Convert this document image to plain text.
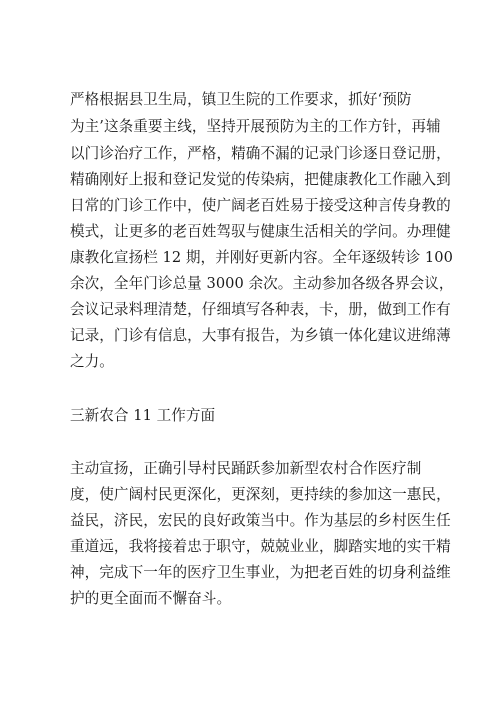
严格根据县卫生局，镇卫生院的工作要求，抓好‘预防
为主’这条重要主线，坚持开展预防为主的工作方针，再辅
以门诊治疗工作，严格，精确不漏的记录门诊逐日登记册，
精确刚好上报和登记发觉的传染病，把健康教化工作融入到
日常的门诊工作中，使广阔老百姓易于接受这种言传身教的
模式，让更多的老百姓驾驭与健康生活相关的学问。办理健
康教化宣扬栏 12 期，并刚好更新内容。全年逐级转诊 100
余次，全年门诊总量 3000 余次。主动参加各级各界会议，
会议记录料理清楚，仔细填写各种表，卡，册，做到工作有
记录，门诊有信息，大事有报告，为乡镇一体化建议进绵薄
之力。
三新农合 11 工作方面
主动宣扬，正确引导村民踊跃参加新型农村合作医疗制
度，使广阔村民更深化，更深刻，更持续的参加这一惠民，
益民，济民，宏民的良好政策当中。作为基层的乡村医生任
重道远，我将接着忠于职守，兢兢业业，脚踏实地的实干精
神，完成下一年的医疗卫生事业，为把老百姓的切身利益维
护的更全面而不懈奋斗。
